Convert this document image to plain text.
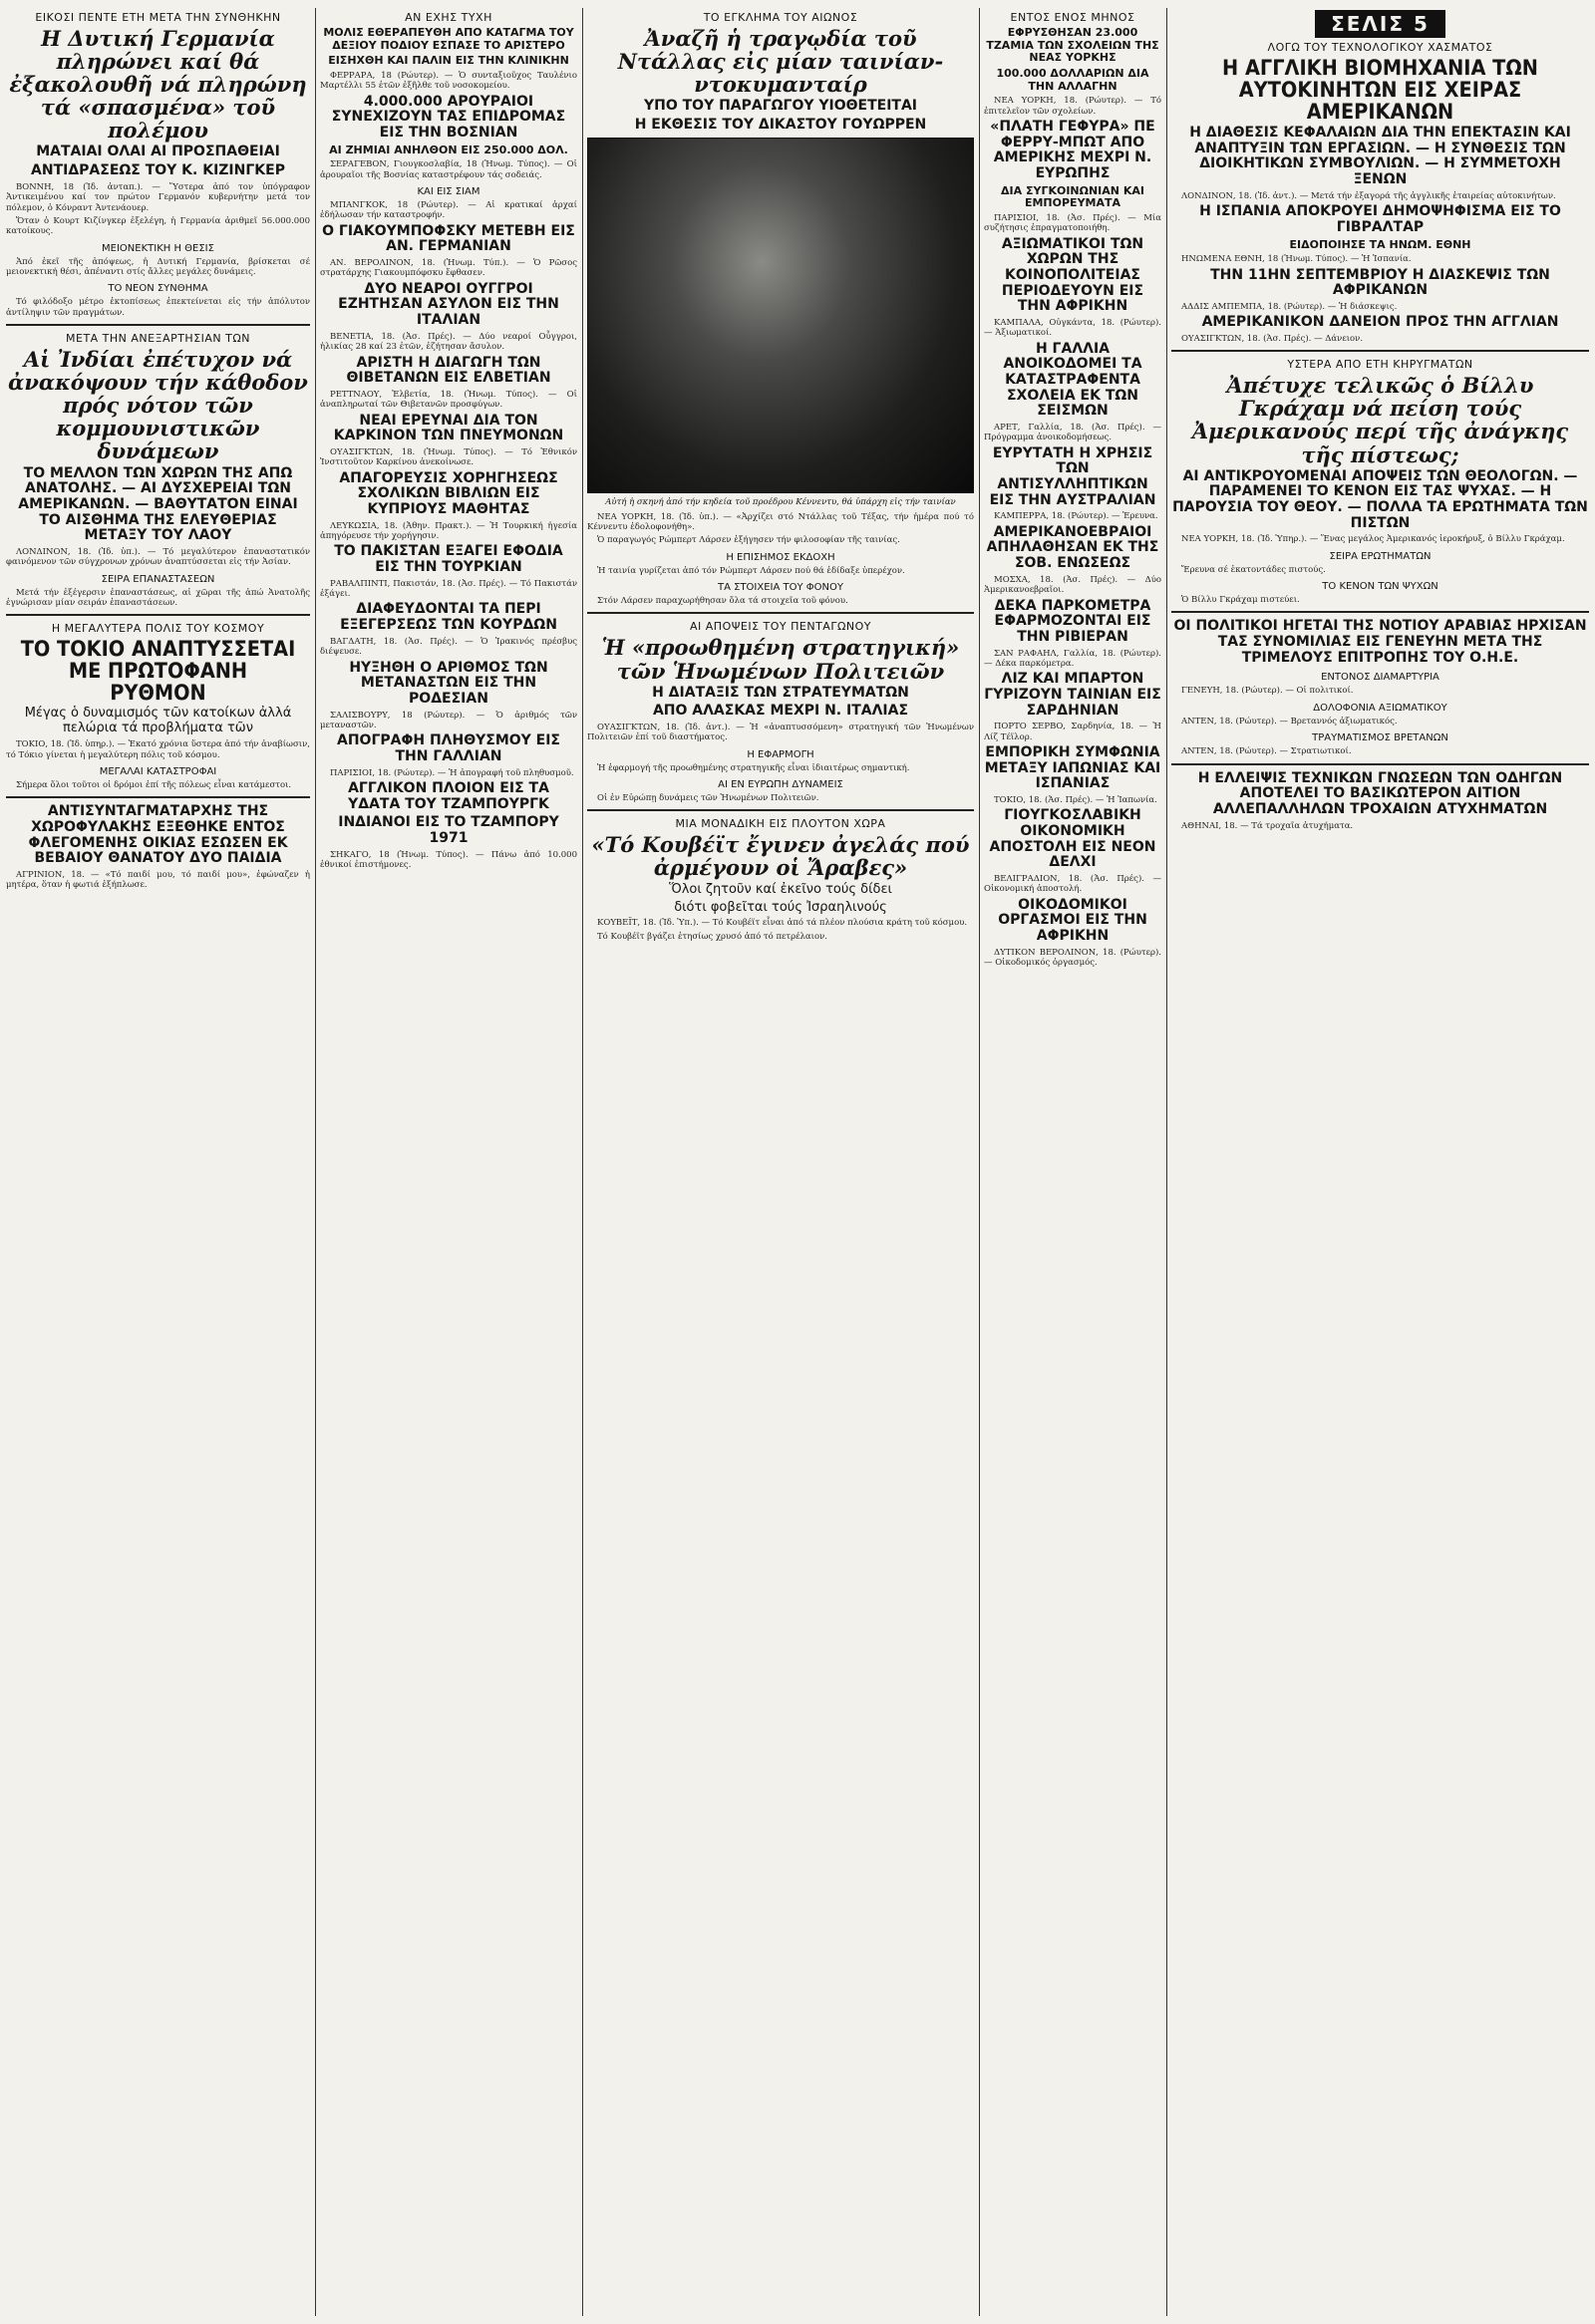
ΕΙΚΟΣΙ ΠΕΝΤΕ ΕΤΗ ΜΕΤΑ ΤΗΝ ΣΥΝΘΗΚΗΝ
Η Δυτική Γερμανία πληρώνει καί θά ἐξακολουθῆ νά πληρώνη τά «σπασμένα» τοῦ πολέμου
ΜΑΤΑΙΑΙ ΟΛΑΙ ΑΙ ΠΡΟΣΠΑΘΕΙΑΙ
ΑΝΤΙΔΡΑΣΕΩΣ ΤΟΥ Κ. ΚΙΖΙΝΓΚΕΡ

ΒΟΝΝΗ, 18 (Ἰδ. ἀνταπ.). — Ὕστερα ἀπό τον ὑπόγραφον Ἀντικειμένου καί τον πρώτον Γερμανόν κυβερνήτην μετά τον πόλεμον, ὁ Κόνραντ Ἀντενάουερ.

Ὅταν ὁ Κουρτ Κιζίνγκερ ἐξελέγη, ἡ Γερμανία ἀριθμεῖ 56.000.000 κατοίκους.

ΜΕΙΟΝΕΚΤΙΚΗ Η ΘΕΣΙΣ

Ἀπό ἐκεῖ τῆς ἀπόψεως, ἡ Δυτική Γερμανία, βρίσκεται σέ μειονεκτική θέσι, ἀπέναντι στίς ἄλλες μεγάλες δυνάμεις.

ΤΟ ΝΕΟΝ ΣΥΝΘΗΜΑ

Τό φιλόδοξο μέτρο ἐκτοπίσεως ἐπεκτείνεται εἰς τήν ἀπόλυτον ἀντίληψιν τῶν πραγμάτων.

ΜΕΤΑ ΤΗΝ ΑΝΕΞΑΡΤΗΣΙΑΝ ΤΩΝ
Αἱ Ἰνδίαι ἐπέτυχον νά ἀνακόψουν τήν κάθοδον πρός νότον τῶν κομμουνιστικῶν δυνάμεων
ΤΟ ΜΕΛΛΟΝ ΤΩΝ ΧΩΡΩΝ ΤΗΣ ΑΠΩ ΑΝΑΤΟΛΗΣ. — ΑΙ ΔΥΣΧΕΡΕΙΑΙ ΤΩΝ ΑΜΕΡΙΚΑΝΩΝ. — ΒΑΘΥΤΑΤΟΝ ΕΙΝΑΙ ΤΟ ΑΙΣΘΗΜΑ ΤΗΣ ΕΛΕΥΘΕΡΙΑΣ ΜΕΤΑΞΥ ΤΟΥ ΛΑΟΥ

ΛΟΝΔΙΝΟΝ, 18. (Ἰδ. ὑπ.). — Τό μεγαλύτερον ἐπαναστατικόν φαινόμενον τῶν σύγχρονων χρόνων ἀναπτύσσεται εἰς τήν Ἀσίαν.

ΣΕΙΡΑ ΕΠΑΝΑΣΤΑΣΕΩΝ

Μετά τήν ἐξέγερσιν ἐπαναστάσεως, αἱ χῶραι τῆς ἀπώ Ἀνατολῆς ἐγνώρισαν μίαν σειράν ἐπαναστάσεων.

Η ΜΕΓΑΛΥΤΕΡΑ ΠΟΛΙΣ ΤΟΥ ΚΟΣΜΟΥ
ΤΟ ΤΟΚΙΟ ΑΝΑΠΤΥΣΣΕΤΑΙ ΜΕ ΠΡΩΤΟΦΑΝΗ ΡΥΘΜΟΝ
Μέγας ὁ δυναμισμός τῶν κατοίκων ἀλλά πελώρια τά προβλήματα τῶν

ΤΟΚΙΟ, 18. (Ἰδ. ὑπηρ.). — Ἑκατό χρόνια ὕστερα ἀπό τήν ἀναβίωσιν, τό Τόκιο γίνεται ἡ μεγαλύτερη πόλις τοῦ κόσμου.

ΜΕΓΑΛΑΙ ΚΑΤΑΣΤΡΟΦΑΙ

Σήμερα ὅλοι τοῦτοι οἱ δρόμοι ἐπί τῆς πόλεως εἶναι κατάμεστοι.

ΑΝΤΙΣΥΝΤΑΓΜΑΤΑΡΧΗΣ ΤΗΣ ΧΩΡΟΦΥΛΑΚΗΣ ΕΞΕΘΗΚΕ ΕΝΤΟΣ ΦΛΕΓΟΜΕΝΗΣ ΟΙΚΙΑΣ ΕΣΩΣΕΝ ΕΚ ΒΕΒΑΙΟΥ ΘΑΝΑΤΟΥ ΔΥΟ ΠΑΙΔΙΑ

ΑΓΡΙΝΙΟΝ, 18. — «Τό παιδί μου, τό παιδί μου», ἐφώναζεν ἡ μητέρα, ὅταν ἡ φωτιά ἐξήπλωσε.

ΑΝ ΕΧΗΣ ΤΥΧΗ
ΜΟΛΙΣ ΕΘΕΡΑΠΕΥΘΗ ΑΠΟ ΚΑΤΑΓΜΑ ΤΟΥ ΔΕΞΙΟΥ ΠΟΔΙΟΥ ΕΣΠΑΣΕ ΤΟ ΑΡΙΣΤΕΡΟ
ΕΙΣΗΧΘΗ ΚΑΙ ΠΑΛΙΝ ΕΙΣ ΤΗΝ ΚΛΙΝΙΚΗΝ

ΦΕΡΡΑΡΑ, 18 (Ρώυτερ). — Ὁ συνταξιοῦχος Ταυλένιο Μαρτέλλι 55 ἐτῶν ἐξῆλθε τοῦ νοσοκομείου.

4.000.000 ΑΡΟΥΡΑΙΟΙ ΣΥΝΕΧΙΖΟΥΝ ΤΑΣ ΕΠΙΔΡΟΜΑΣ ΕΙΣ ΤΗΝ ΒΟΣΝΙΑΝ
ΑΙ ΖΗΜΙΑΙ ΑΝΗΛΘΟΝ ΕΙΣ 250.000 ΔΟΛ.

ΣΕΡΑΓΕΒΟΝ, Γιουγκοσλαβία, 18 (Ἡνωμ. Τύπος). — Οἱ ἀρουραῖοι τῆς Βοσνίας καταστρέφουν τάς σοδειάς.

ΚΑΙ ΕΙΣ ΣΙΑΜ

ΜΠΑΝΓΚΟΚ, 18 (Ρώυτερ). — Αἱ κρατικαί ἀρχαί ἐδήλωσαν τήν καταστροφήν.

Ο ΓΙΑΚΟΥΜΠΟΦΣΚΥ ΜΕΤΕΒΗ ΕΙΣ ΑΝ. ΓΕΡΜΑΝΙΑΝ

ΑΝ. ΒΕΡΟΛΙΝΟΝ, 18. (Ἡνωμ. Τύπ.). — Ὁ Ρῶσος στρατάρχης Γιακουμπόφσκυ ἔφθασεν.

ΔΥΟ ΝΕΑΡΟΙ ΟΥΓΓΡΟΙ ΕΖΗΤΗΣΑΝ ΑΣΥΛΟΝ ΕΙΣ ΤΗΝ ΙΤΑΛΙΑΝ

ΒΕΝΕΤΙΑ, 18. (Ἀσ. Πρές). — Δύο νεαροί Οὖγγροι, ἡλικίας 28 καί 23 ἐτῶν, ἐζήτησαν ἄσυλον.

ΑΡΙΣΤΗ Η ΔΙΑΓΩΓΗ ΤΩΝ ΘΙΒΕΤΑΝΩΝ ΕΙΣ ΕΛΒΕΤΙΑΝ

ΡΕΤΤΝΑΟΥ, Ἑλβετία, 18. (Ἡνωμ. Τύπος). — Οἱ ἀναπληρωταί τῶν Θιβετανῶν προσφύγων.

ΝΕΑΙ ΕΡΕΥΝΑΙ ΔΙΑ ΤΟΝ ΚΑΡΚΙΝΟΝ ΤΩΝ ΠΝΕΥΜΟΝΩΝ

ΟΥΑΣΙΓΚΤΩΝ, 18. (Ἡνωμ. Τύπος). — Τό Ἐθνικόν Ἰνστιτοῦτον Καρκίνου ἀνεκοίνωσε.

ΑΠΑΓΟΡΕΥΣΙΣ ΧΟΡΗΓΗΣΕΩΣ ΣΧΟΛΙΚΩΝ ΒΙΒΛΙΩΝ ΕΙΣ ΚΥΠΡΙΟΥΣ ΜΑΘΗΤΑΣ

ΛΕΥΚΩΣΙΑ, 18. (Ἀθην. Πρακτ.). — Ἡ Τουρκική ἡγεσία ἀπηγόρευσε τήν χορήγησιν.

ΤΟ ΠΑΚΙΣΤΑΝ ΕΞΑΓΕΙ ΕΦΟΔΙΑ ΕΙΣ ΤΗΝ ΤΟΥΡΚΙΑΝ

ΡΑΒΑΛΠΙΝΤΙ, Πακιστάν, 18. (Ἀσ. Πρές). — Τό Πακιστάν ἐξάγει.

ΔΙΑΦΕΥΔΟΝΤΑΙ ΤΑ ΠΕΡΙ ΕΞΕΓΕΡΣΕΩΣ ΤΩΝ ΚΟΥΡΔΩΝ

ΒΑΓΔΑΤΗ, 18. (Ἀσ. Πρές). — Ὁ Ἰρακινός πρέσβυς διέψευσε.

ΗΥΞΗΘΗ Ο ΑΡΙΘΜΟΣ ΤΩΝ ΜΕΤΑΝΑΣΤΩΝ ΕΙΣ ΤΗΝ ΡΟΔΕΣΙΑΝ

ΣΑΛΙΣΒΟΥΡΥ, 18 (Ρώυτερ). — Ὁ ἀριθμός τῶν μεταναστῶν.

ΑΠΟΓΡΑΦΗ ΠΛΗΘΥΣΜΟΥ ΕΙΣ ΤΗΝ ΓΑΛΛΙΑΝ

ΠΑΡΙΣΙΟΙ, 18. (Ρώυτερ). — Ἡ ἀπογραφή τοῦ πληθυσμοῦ.

ΑΓΓΛΙΚΟΝ ΠΛΟΙΟΝ ΕΙΣ ΤΑ ΥΔΑΤΑ ΤΟΥ ΤΖΑΜΠΟΥΡΓΚ
ΙΝΔΙΑΝΟΙ ΕΙΣ ΤΟ ΤΖΑΜΠΟΡΥ 1971

ΣΗΚΑΓΟ, 18 (Ἡνωμ. Τύπος). — Πάνω ἀπό 10.000 ἐθνικοί ἐπιστήμονες.

ΤΟ ΕΓΚΛΗΜΑ ΤΟΥ ΑΙΩΝΟΣ
Ἀναζῆ ἡ τραγῳδία τοῦ Ντάλλας εἰς μίαν ταινίαν-ντοκυμανταίρ
ΥΠΟ ΤΟΥ ΠΑΡΑΓΩΓΟΥ ΥΙΟΘΕΤΕΙΤΑΙ
Η ΕΚΘΕΣΙΣ ΤΟΥ ΔΙΚΑΣΤΟΥ ΓΟΥΩΡΡΕΝ
Αὐτή ἡ σκηνή ἀπό τήν κηδεία τοῦ προέδρου Κέννεντυ, θά ὑπάρχη εἰς τήν ταινίαν

ΝΕΑ ΥΟΡΚΗ, 18. (Ἰδ. ὑπ.). — «Ἀρχίζει στό Ντάλλας τοῦ Τέξας, τήν ἡμέρα πού τό Κέννεντυ ἐδολοφονήθη».

Ὁ παραγωγός Ρώμπερτ Λάρσεν ἐξήγησεν τήν φιλοσοφίαν τῆς ταινίας.

Η ΕΠΙΣΗΜΟΣ ΕΚΔΟΧΗ

Ἡ ταινία γυρίζεται ἀπό τόν Ρώμπερτ Λάρσεν πού θά ἐδίδαξε ὑπερέχον.

ΤΑ ΣΤΟΙΧΕΙΑ ΤΟΥ ΦΟΝΟΥ

Στόν Λάρσεν παραχωρήθησαν ὅλα τά στοιχεῖα τοῦ φόνου.

ΑΙ ΑΠΟΨΕΙΣ ΤΟΥ ΠΕΝΤΑΓΩΝΟΥ
Ἡ «προωθημένη στρατηγική» τῶν Ἡνωμένων Πολιτειῶν
Η ΔΙΑΤΑΞΙΣ ΤΩΝ ΣΤΡΑΤΕΥΜΑΤΩΝ
ΑΠΟ ΑΛΑΣΚΑΣ ΜΕΧΡΙ Ν. ΙΤΑΛΙΑΣ

ΟΥΑΣΙΓΚΤΩΝ, 18. (Ἰδ. ἀντ.). — Ἡ «ἀναπτυσσόμενη» στρατηγική τῶν Ἡνωμένων Πολιτειῶν ἐπί τοῦ διαστήματος.

Η ΕΦΑΡΜΟΓΗ

Ἡ ἐφαρμογή τῆς προωθημένης στρατηγικῆς εἶναι ἰδιαιτέρως σημαντική.

ΑΙ ΕΝ ΕΥΡΩΠΗ ΔΥΝΑΜΕΙΣ

Οἱ ἐν Εὐρώπῃ δυνάμεις τῶν Ἡνωμένων Πολιτειῶν.

ΜΙΑ ΜΟΝΑΔΙΚΗ ΕΙΣ ΠΛΟΥΤΟΝ ΧΩΡΑ
«Τό Κουβέϊτ ἔγινεν ἀγελάς πού ἀρμέγουν οἱ Ἄραβες»
Ὅλοι ζητοῦν καί ἐκεῖνο τούς δίδει
διότι φοβεῖται τούς Ἰσραηλινούς

ΚΟΥΒΕΪΤ, 18. (Ἰδ. Ὑπ.). — Τό Κουβέϊτ εἶναι ἀπό τά πλέον πλούσια κράτη τοῦ κόσμου.

Τό Κουβέϊτ βγάζει ἐτησίως χρυσό ἀπό τό πετρέλαιον.

ΕΝΤΟΣ ΕΝΟΣ ΜΗΝΟΣ
ΕΦΡΥΣΘΗΣΑΝ 23.000 ΤΖΑΜΙΑ ΤΩΝ ΣΧΟΛΕΙΩΝ ΤΗΣ ΝΕΑΣ ΥΟΡΚΗΣ
100.000 ΔΟΛΛΑΡΙΩΝ ΔΙΑ ΤΗΝ ΑΛΛΑΓΗΝ

ΝΕΑ ΥΟΡΚΗ, 18. (Ρώυτερ). — Τό ἐπιτελεῖον τῶν σχολείων.

«ΠΛΑΤΗ ΓΕΦΥΡΑ» ΠΕ ΦΕΡΡΥ-ΜΠΩΤ ΑΠΟ ΑΜΕΡΙΚΗΣ ΜΕΧΡΙ Ν. ΕΥΡΩΠΗΣ
ΔΙΑ ΣΥΓΚΟΙΝΩΝΙΑΝ ΚΑΙ ΕΜΠΟΡΕΥΜΑΤΑ

ΠΑΡΙΣΙΟΙ, 18. (Ἀσ. Πρές). — Μία συζήτησις ἐπραγματοποιήθη.

ΑΞΙΩΜΑΤΙΚΟΙ ΤΩΝ ΧΩΡΩΝ ΤΗΣ ΚΟΙΝΟΠΟΛΙΤΕΙΑΣ ΠΕΡΙΟΔΕΥΟΥΝ ΕΙΣ ΤΗΝ ΑΦΡΙΚΗΝ

ΚΑΜΠΑΛΑ, Οὐγκάντα, 18. (Ρώυτερ). — Ἀξιωματικοί.

Η ΓΑΛΛΙΑ ΑΝΟΙΚΟΔΟΜΕΙ ΤΑ ΚΑΤΑΣΤΡΑΦΕΝΤΑ ΣΧΟΛΕΙΑ ΕΚ ΤΩΝ ΣΕΙΣΜΩΝ

ΑΡΕΤ, Γαλλία, 18. (Ἀσ. Πρές). — Πρόγραμμα ἀνοικοδομήσεως.

ΕΥΡΥΤΑΤΗ Η ΧΡΗΣΙΣ ΤΩΝ ΑΝΤΙΣΥΛΛΗΠΤΙΚΩΝ ΕΙΣ ΤΗΝ ΑΥΣΤΡΑΛΙΑΝ

ΚΑΜΠΕΡΡΑ, 18. (Ρώυτερ). — Ἐρευνα.

ΑΜΕΡΙΚΑΝΟΕΒΡΑΙΟΙ ΑΠΗΛΑΘΗΣΑΝ ΕΚ ΤΗΣ ΣΟΒ. ΕΝΩΣΕΩΣ

ΜΟΣΧΑ, 18. (Ἀσ. Πρές). — Δύο Ἀμερικανοεβραῖοι.

ΔΕΚΑ ΠΑΡΚΟΜΕΤΡΑ ΕΦΑΡΜΟΖΟΝΤΑΙ ΕΙΣ ΤΗΝ ΡΙΒΙΕΡΑΝ

ΣΑΝ ΡΑΦΑΗΛ, Γαλλία, 18. (Ρώυτερ). — Δέκα παρκόμετρα.

ΛΙΖ ΚΑΙ ΜΠΑΡΤΟΝ ΓΥΡΙΖΟΥΝ ΤΑΙΝΙΑΝ ΕΙΣ ΣΑΡΔΗΝΙΑΝ

ΠΟΡΤΟ ΣΕΡΒΟ, Σαρδηνία, 18. — Ἡ Λίζ Τέϊλορ.

ΕΜΠΟΡΙΚΗ ΣΥΜΦΩΝΙΑ ΜΕΤΑΞΥ ΙΑΠΩΝΙΑΣ ΚΑΙ ΙΣΠΑΝΙΑΣ

ΤΟΚΙΟ, 18. (Ἀσ. Πρές). — Ἡ Ἰαπωνία.

ΓΙΟΥΓΚΟΣΛΑΒΙΚΗ ΟΙΚΟΝΟΜΙΚΗ ΑΠΟΣΤΟΛΗ ΕΙΣ ΝΕΟΝ ΔΕΛΧΙ

ΒΕΛΙΓΡΑΔΙΟΝ, 18. (Ἀσ. Πρές). — Οἰκονομική ἀποστολή.

ΟΙΚΟΔΟΜΙΚΟΙ ΟΡΓΑΣΜΟΙ ΕΙΣ ΤΗΝ ΑΦΡΙΚΗΝ

ΔΥΤΙΚΟΝ ΒΕΡΟΛΙΝΟΝ, 18. (Ρώυτερ). — Οἰκοδομικός ὀργασμός.

ΣΕΛΙΣ 5
ΛΟΓΩ ΤΟΥ ΤΕΧΝΟΛΟΓΙΚΟΥ ΧΑΣΜΑΤΟΣ
Η ΑΓΓΛΙΚΗ ΒΙΟΜΗΧΑΝΙΑ ΤΩΝ ΑΥΤΟΚΙΝΗΤΩΝ ΕΙΣ ΧΕΙΡΑΣ ΑΜΕΡΙΚΑΝΩΝ
Η ΔΙΑΘΕΣΙΣ ΚΕΦΑΛΑΙΩΝ ΔΙΑ ΤΗΝ ΕΠΕΚΤΑΣΙΝ ΚΑΙ ΑΝΑΠΤΥΞΙΝ ΤΩΝ ΕΡΓΑΣΙΩΝ. — Η ΣΥΝΘΕΣΙΣ ΤΩΝ ΔΙΟΙΚΗΤΙΚΩΝ ΣΥΜΒΟΥΛΙΩΝ. — Η ΣΥΜΜΕΤΟΧΗ ΞΕΝΩΝ

ΛΟΝΔΙΝΟΝ, 18. (Ἰδ. ἀντ.). — Μετά τήν ἐξαγορά τῆς ἀγγλικῆς ἑταιρείας αὐτοκινήτων.

Η ΙΣΠΑΝΙΑ ΑΠΟΚΡΟΥΕΙ ΔΗΜΟΨΗΦΙΣΜΑ ΕΙΣ ΤΟ ΓΙΒΡΑΛΤΑΡ
ΕΙΔΟΠΟΙΗΣΕ ΤΑ ΗΝΩΜ. ΕΘΝΗ

ΗΝΩΜΕΝΑ ΕΘΝΗ, 18 (Ἡνωμ. Τύπος). — Ἡ Ἱσπανία.

ΤΗΝ 11ΗΝ ΣΕΠΤΕΜΒΡΙΟΥ Η ΔΙΑΣΚΕΨΙΣ ΤΩΝ ΑΦΡΙΚΑΝΩΝ

ΑΔΔΙΣ ΑΜΠΕΜΠΑ, 18. (Ρώυτερ). — Ἡ διάσκεψις.

ΑΜΕΡΙΚΑΝΙΚΟΝ ΔΑΝΕΙΟΝ ΠΡΟΣ ΤΗΝ ΑΓΓΛΙΑΝ

ΟΥΑΣΙΓΚΤΩΝ, 18. (Ἀσ. Πρές). — Δάνειον.

ΥΣΤΕΡΑ ΑΠΟ ΕΤΗ ΚΗΡΥΓΜΑΤΩΝ
Ἀπέτυχε τελικῶς ὁ Βίλλυ Γκράχαμ νά πείση τούς Ἀμερικανούς περί τῆς ἀνάγκης τῆς πίστεως;
ΑΙ ΑΝΤΙΚΡΟΥΟΜΕΝΑΙ ΑΠΟΨΕΙΣ ΤΩΝ ΘΕΟΛΟΓΩΝ. — ΠΑΡΑΜΕΝΕΙ ΤΟ ΚΕΝΟΝ ΕΙΣ ΤΑΣ ΨΥΧΑΣ. — Η ΠΑΡΟΥΣΙΑ ΤΟΥ ΘΕΟΥ. — ΠΟΛΛΑ ΤΑ ΕΡΩΤΗΜΑΤΑ ΤΩΝ ΠΙΣΤΩΝ

ΝΕΑ ΥΟΡΚΗ, 18. (Ἰδ. Ὑπηρ.). — Ἕνας μεγάλος Ἀμερικανός ἱεροκήρυξ, ὁ Βίλλυ Γκράχαμ.

ΣΕΙΡΑ ΕΡΩΤΗΜΑΤΩΝ

Ἔρευνα σέ ἑκατοντάδες πιστούς.

ΤΟ ΚΕΝΟΝ ΤΩΝ ΨΥΧΩΝ

Ὁ Βίλλυ Γκράχαμ πιστεύει.

ΟΙ ΠΟΛΙΤΙΚΟΙ ΗΓΕΤΑΙ ΤΗΣ ΝΟΤΙΟΥ ΑΡΑΒΙΑΣ ΗΡΧΙΣΑΝ ΤΑΣ ΣΥΝΟΜΙΛΙΑΣ ΕΙΣ ΓΕΝΕΥΗΝ ΜΕΤΑ ΤΗΣ ΤΡΙΜΕΛΟΥΣ ΕΠΙΤΡΟΠΗΣ ΤΟΥ Ο.Η.Ε.
ΕΝΤΟΝΟΣ ΔΙΑΜΑΡΤΥΡΙΑ

ΓΕΝΕΥΗ, 18. (Ρώυτερ). — Οἱ πολιτικοί.

ΔΟΛΟΦΟΝΙΑ ΑΞΙΩΜΑΤΙΚΟΥ

ΑΝΤΕΝ, 18. (Ρώυτερ). — Βρεταννός ἀξιωματικός.

ΤΡΑΥΜΑΤΙΣΜΟΣ ΒΡΕΤΑΝΩΝ

ΑΝΤΕΝ, 18. (Ρώυτερ). — Στρατιωτικοί.

Η ΕΛΛΕΙΨΙΣ ΤΕΧΝΙΚΩΝ ΓΝΩΣΕΩΝ ΤΩΝ ΟΔΗΓΩΝ ΑΠΟΤΕΛΕΙ ΤΟ ΒΑΣΙΚΩΤΕΡΟΝ ΑΙΤΙΟΝ ΑΛΛΕΠΑΛΛΗΛΩΝ ΤΡΟΧΑΙΩΝ ΑΤΥΧΗΜΑΤΩΝ

ΑΘΗΝΑΙ, 18. — Τά τροχαῖα ἀτυχήματα.
